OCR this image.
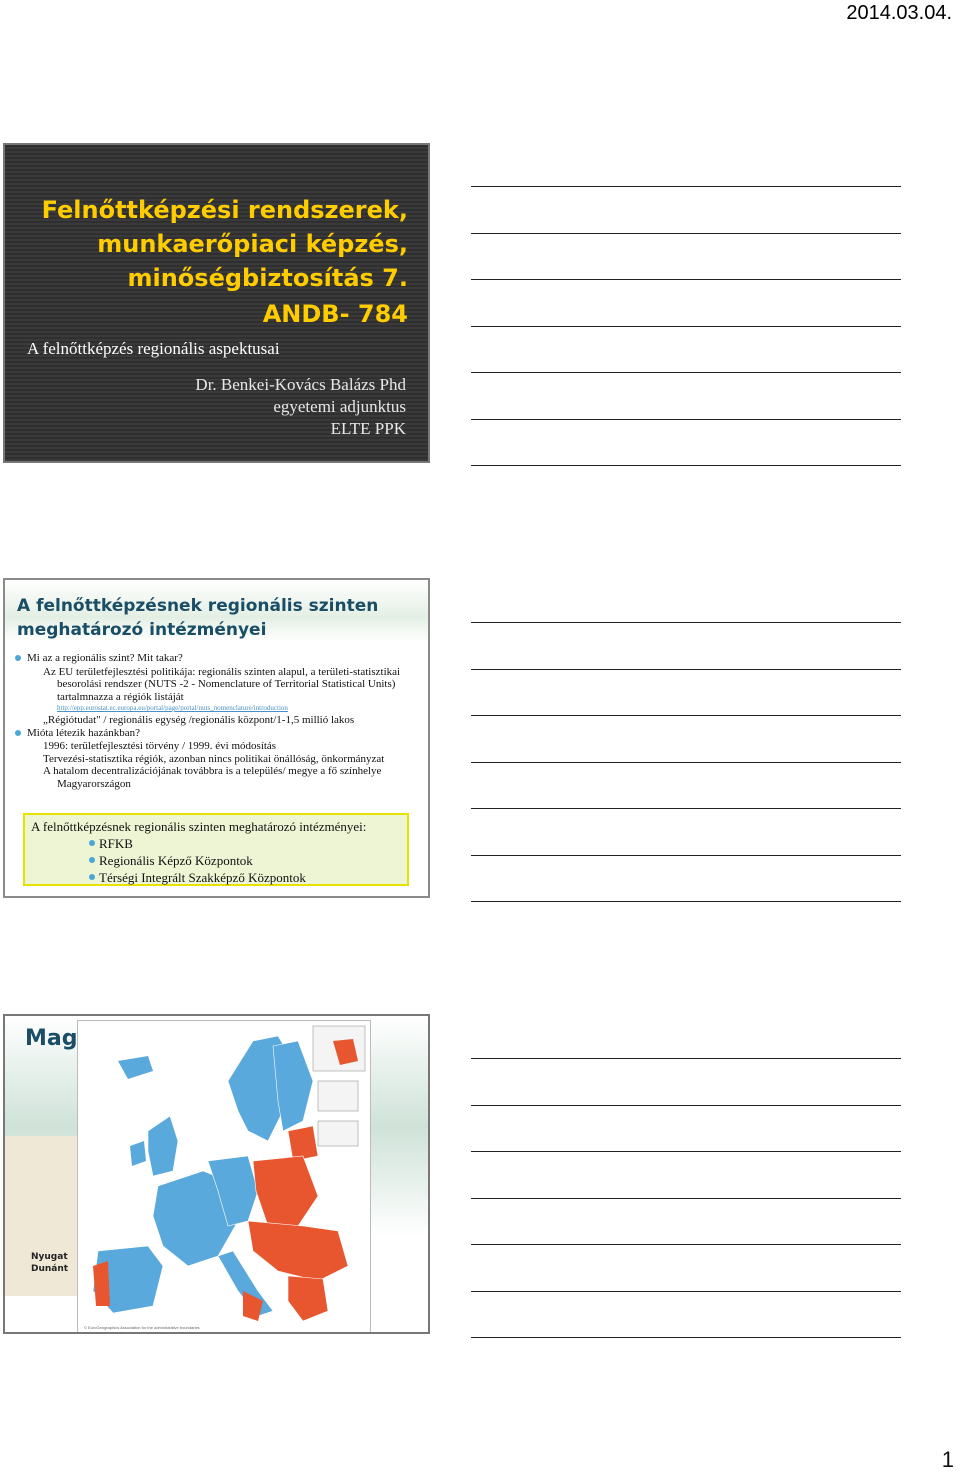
2014.03.04.
Felnőttképzési rendszerek,
munkaerőpiaci képzés,
minőségbiztosítás 7.
ANDB- 784
A felnőttképzés regionális aspektusai
Dr. Benkei-Kovács Balázs Phd
egyetemi adjunktus
ELTE PPK
A felnőttképzésnek regionális szinten
meghatározó intézményei
Mi az a regionális szint? Mit takar?
Az EU területfejlesztési politikája: regionális szinten alapul, a területi-statisztikai besorolási rendszer (NUTS -2 - Nomenclature of Territorial Statistical Units) tartalmnazza a régiók listáját
http://epp.eurostat.ec.europa.eu/portal/page/portal/nuts_nomenclature/introduction
„Régiótudat" / regionális egység /regionális központ/1-1,5 millió lakos
Mióta létezik hazánkban?
1996: területfejlesztési törvény / 1999. évi módosítás
Tervezési-statisztika régiók, azonban nincs politikai önállóság, önkormányzat
A hatalom decentralizációjának továbbra is a település/ megye a fő színhelye Magyarországon
A felnőttképzésnek regionális szinten meghatározó intézményei:
RFKB
Regionális Képző Központok
Térségi Integrált Szakképző Központok
Mag
Nyugat
Dunánt
© EuroGeographics Association for the administrative boundaries
1
